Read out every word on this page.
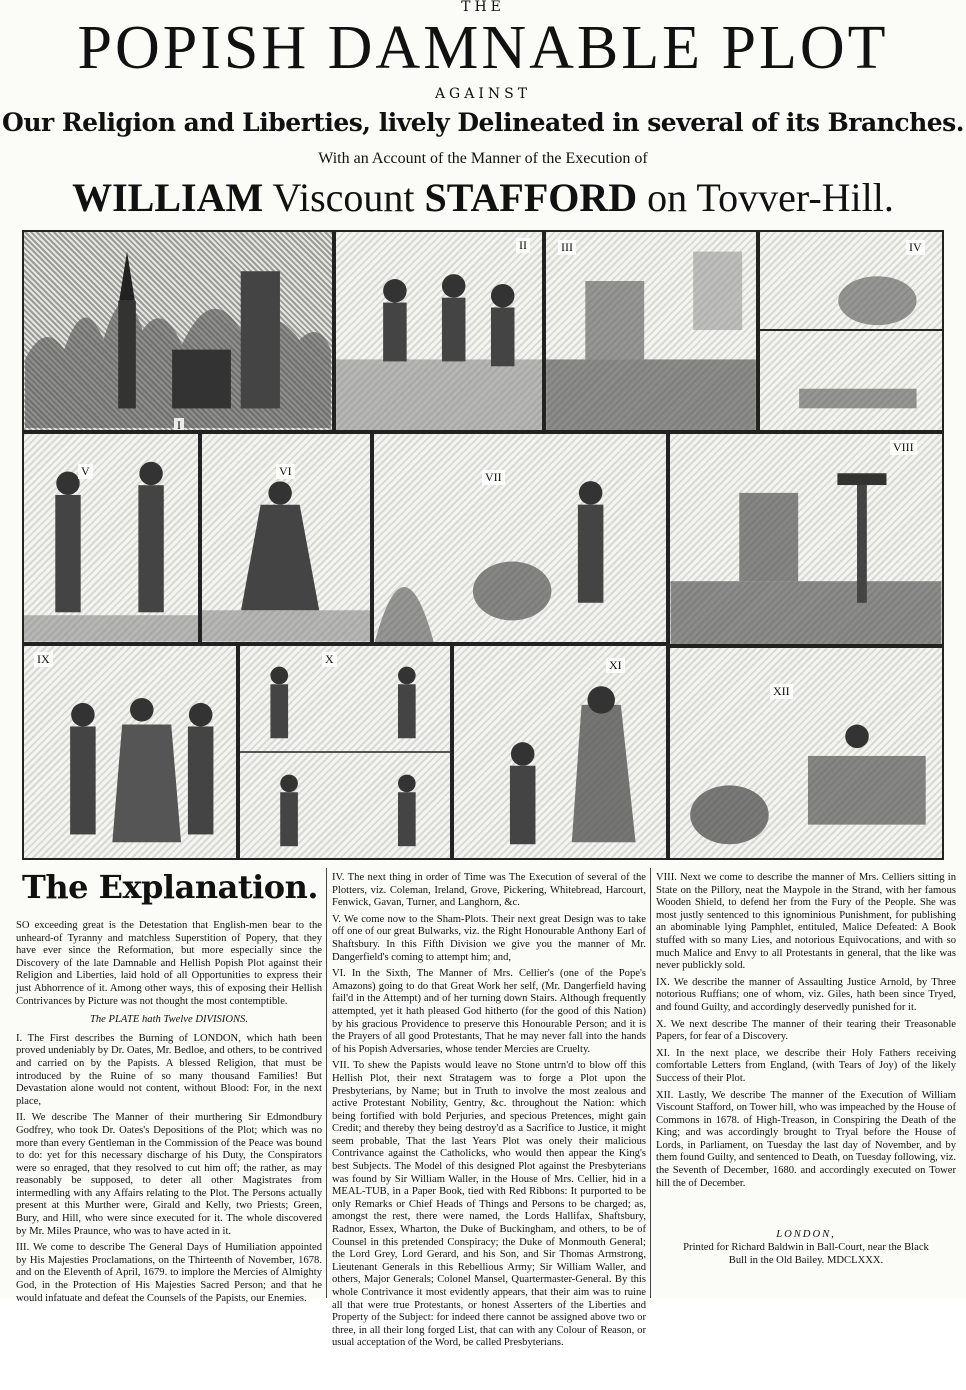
THE
POPISH DAMNABLE PLOT
AGAINST
Our Religion and Liberties, lively Delineated in several of its Branches.
With an Account of the Manner of the Execution of
WILLIAM Viscount STAFFORD on Tovver-Hill.
I
II	III	IV
V	VI	VII
VIII
IX	X	XI
XII
The Explanation.

SO exceeding great is the Detestation that English-men bear to the unheard-of Tyranny and matchless Superstition of Popery, that they have ever since the Reformation, but more especially since the Discovery of the late Damnable and Hellish Popish Plot against their Religion and Liberties, laid hold of all Opportunities to express their just Abhorrence of it. Among other ways, this of exposing their Hellish Contrivances by Picture was not thought the most contemptible.

The PLATE hath Twelve DIVISIONS.

I. The First describes the Burning of LONDON, which hath been proved undeniably by Dr. Oates, Mr. Bedloe, and others, to be contrived and carried on by the Papists. A blessed Religion, that must be introduced by the Ruine of so many thousand Families! But Devastation alone would not content, without Blood: For, in the next place,

II. We describe The Manner of their murthering Sir Edmondbury Godfrey, who took Dr. Oates's Depositions of the Plot; which was no more than every Gentleman in the Commission of the Peace was bound to do: yet for this necessary discharge of his Duty, the Conspirators were so enraged, that they resolved to cut him off; the rather, as may reasonably be supposed, to deter all other Magistrates from intermedling with any Affairs relating to the Plot. The Persons actually present at this Murther were, Girald and Kelly, two Priests; Green, Bury, and Hill, who were since executed for it. The whole discovered by Mr. Miles Praunce, who was to have acted in it.

III. We come to describe The General Days of Humiliation appointed by His Majesties Proclamations, on the Thirteenth of November, 1678. and on the Eleventh of April, 1679. to implore the Mercies of Almighty God, in the Protection of His Majesties Sacred Person; and that he would infatuate and defeat the Counsels of the Papists, our Enemies.

IV. The next thing in order of Time was The Execution of several of the Plotters, viz. Coleman, Ireland, Grove, Pickering, Whitebread, Harcourt, Fenwick, Gavan, Turner, and Langhorn, &c.

V. We come now to the Sham-Plots. Their next great Design was to take off one of our great Bulwarks, viz. the Right Honourable Anthony Earl of Shaftsbury. In this Fifth Division we give you the manner of Mr. Dangerfield's coming to attempt him; and,

VI. In the Sixth, The Manner of Mrs. Cellier's (one of the Pope's Amazons) going to do that Great Work her self, (Mr. Dangerfield having fail'd in the Attempt) and of her turning down Stairs. Although frequently attempted, yet it hath pleased God hitherto (for the good of this Nation) by his gracious Providence to preserve this Honourable Person; and it is the Prayers of all good Protestants, That he may never fall into the hands of his Popish Adversaries, whose tender Mercies are Cruelty.

VII. To shew the Papists would leave no Stone untrn'd to blow off this Hellish Plot, their next Stratagem was to forge a Plot upon the Presbyterians, by Name; but in Truth to involve the most zealous and active Protestant Nobility, Gentry, &c. throughout the Nation: which being fortified with bold Perjuries, and specious Pretences, might gain Credit; and thereby they being destroy'd as a Sacrifice to Justice, it might seem probable, That the last Years Plot was onely their malicious Contrivance against the Catholicks, who would then appear the King's best Subjects. The Model of this designed Plot against the Presbyterians was found by Sir William Waller, in the House of Mrs. Cellier, hid in a MEAL-TUB, in a Paper Book, tied with Red Ribbons: It purported to be only Remarks or Chief Heads of Things and Persons to be charged; as, amongst the rest, there were named, the Lords Hallifax, Shaftsbury, Radnor, Essex, Wharton, the Duke of Buckingham, and others, to be of Counsel in this pretended Conspiracy; the Duke of Monmouth General; the Lord Grey, Lord Gerard, and his Son, and Sir Thomas Armstrong, Lieutenant Generals in this Rebellious Army; Sir William Waller, and others, Major Generals; Colonel Mansel, Quartermaster-General. By this whole Contrivance it most evidently appears, that their aim was to ruine all that were true Protestants, or honest Asserters of the Liberties and Property of the Subject: for indeed there cannot be assigned above two or three, in all their long forged List, that can with any Colour of Reason, or usual acceptation of the Word, be called Presbyterians.

VIII. Next we come to describe the manner of Mrs. Celliers sitting in State on the Pillory, neat the Maypole in the Strand, with her famous Wooden Shield, to defend her from the Fury of the People. She was most justly sentenced to this ignominious Punishment, for publishing an abominable lying Pamphlet, entituled, Malice Defeated: A Book stuffed with so many Lies, and notorious Equivocations, and with so much Malice and Envy to all Protestants in general, that the like was never publickly sold.

IX. We describe the manner of Assaulting Justice Arnold, by Three notorious Ruffians; one of whom, viz. Giles, hath been since Tryed, and found Guilty, and accordingly deservedly punished for it.

X. We next describe The manner of their tearing their Treasonable Papers, for fear of a Discovery.

XI. In the next place, we describe their Holy Fathers receiving comfortable Letters from England, (with Tears of Joy) of the likely Success of their Plot.

XII. Lastly, We describe The manner of the Execution of William Viscount Stafford, on Tower hill, who was impeached by the House of Commons in 1678. of High-Treason, in Conspiring the Death of the King; and was accordingly brought to Tryal before the House of Lords, in Parliament, on Tuesday the last day of November, and by them found Guilty, and sentenced to Death, on Tuesday following, viz. the Seventh of December, 1680. and accordingly executed on Tower hill the of December.

LONDON,
Printed for Richard Baldwin in Ball-Court, near the Black
Bull in the Old Bailey. MDCLXXX.
